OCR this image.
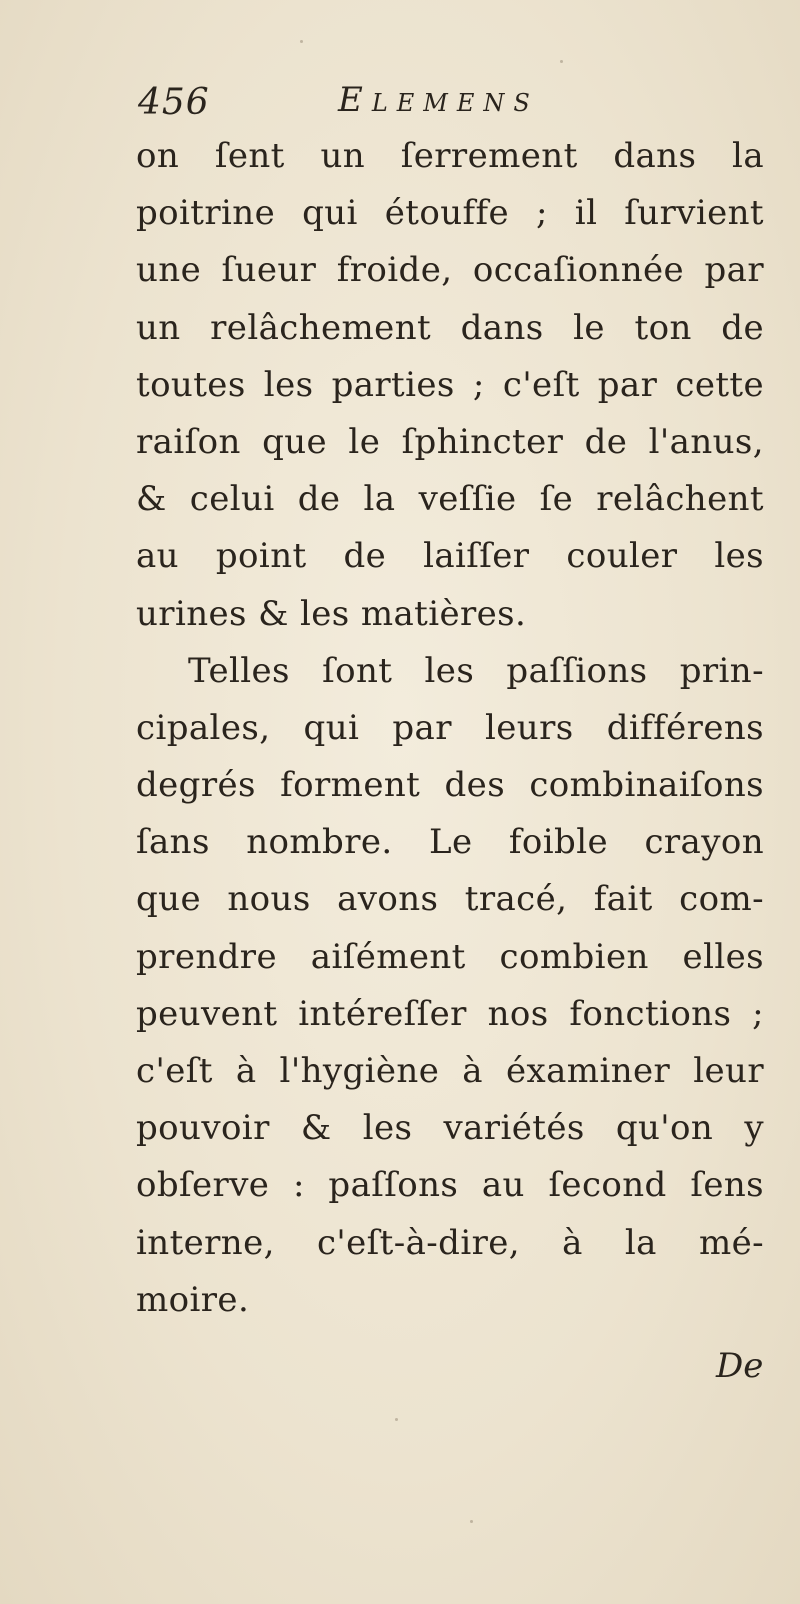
456	Elemens
on ſent un ſerrement dans la
poitrine qui étouffe ; il ſurvient
une ſueur froide, occaſionnée par
un relâchement dans le ton de
toutes les parties ; c'eſt par cette
raiſon que le ſphincter de l'anus,
& celui de la veſſie ſe relâchent
au point de laiſſer couler les
urines & les matières.
Telles ſont les paſſions prin-
cipales, qui par leurs différens
degrés forment des combinaiſons
ſans nombre. Le foible crayon
que nous avons tracé, fait com-
prendre aiſément combien elles
peuvent intéreſſer nos fonctions ;
c'eſt à l'hygiène à éxaminer leur
pouvoir & les variétés qu'on y
obſerve : paſſons au ſecond ſens
interne, c'eſt-à-dire, à la mé-
moire.
De
